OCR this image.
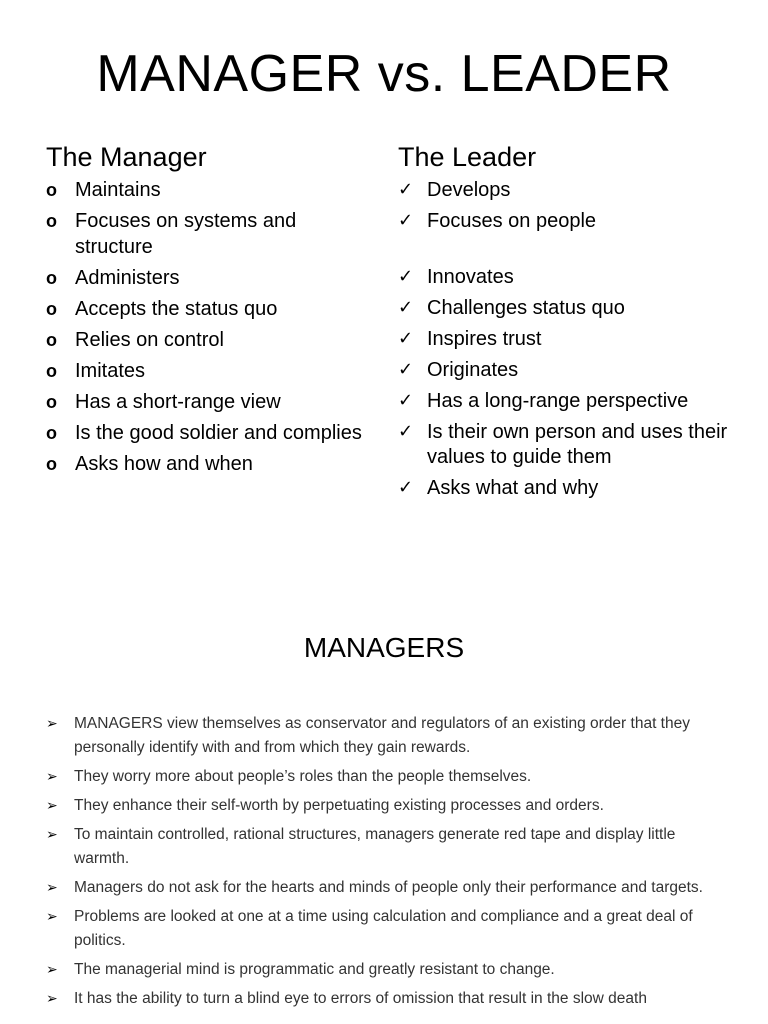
MANAGER vs. LEADER
The Manager
o Maintains
o Focuses on systems and structure
o Administers
o Accepts the status quo
o Relies on control
o Imitates
o Has a short-range view
o Is the good soldier and complies
o Asks how and when
The Leader
✓ Develops
✓ Focuses on people
✓ Innovates
✓ Challenges status quo
✓ Inspires trust
✓ Originates
✓ Has a long-range perspective
✓ Is their own person and uses their values to guide them
✓ Asks what and why
MANAGERS
➢ MANAGERS view themselves as conservator and regulators of an existing order that they personally identify with and from which they gain rewards.
➢ They worry more about people’s roles than the people themselves.
➢ They enhance their self-worth by perpetuating existing processes and orders.
➢ To maintain controlled, rational structures, managers generate red tape and display little warmth.
➢ Managers do not ask for the hearts and minds of people only their performance and targets.
➢ Problems are looked at one at a time using calculation and compliance and a great deal of politics.
➢ The managerial mind is programmatic and greatly resistant to change.
➢ It has the ability to turn a blind eye to errors of omission that result in the slow death
